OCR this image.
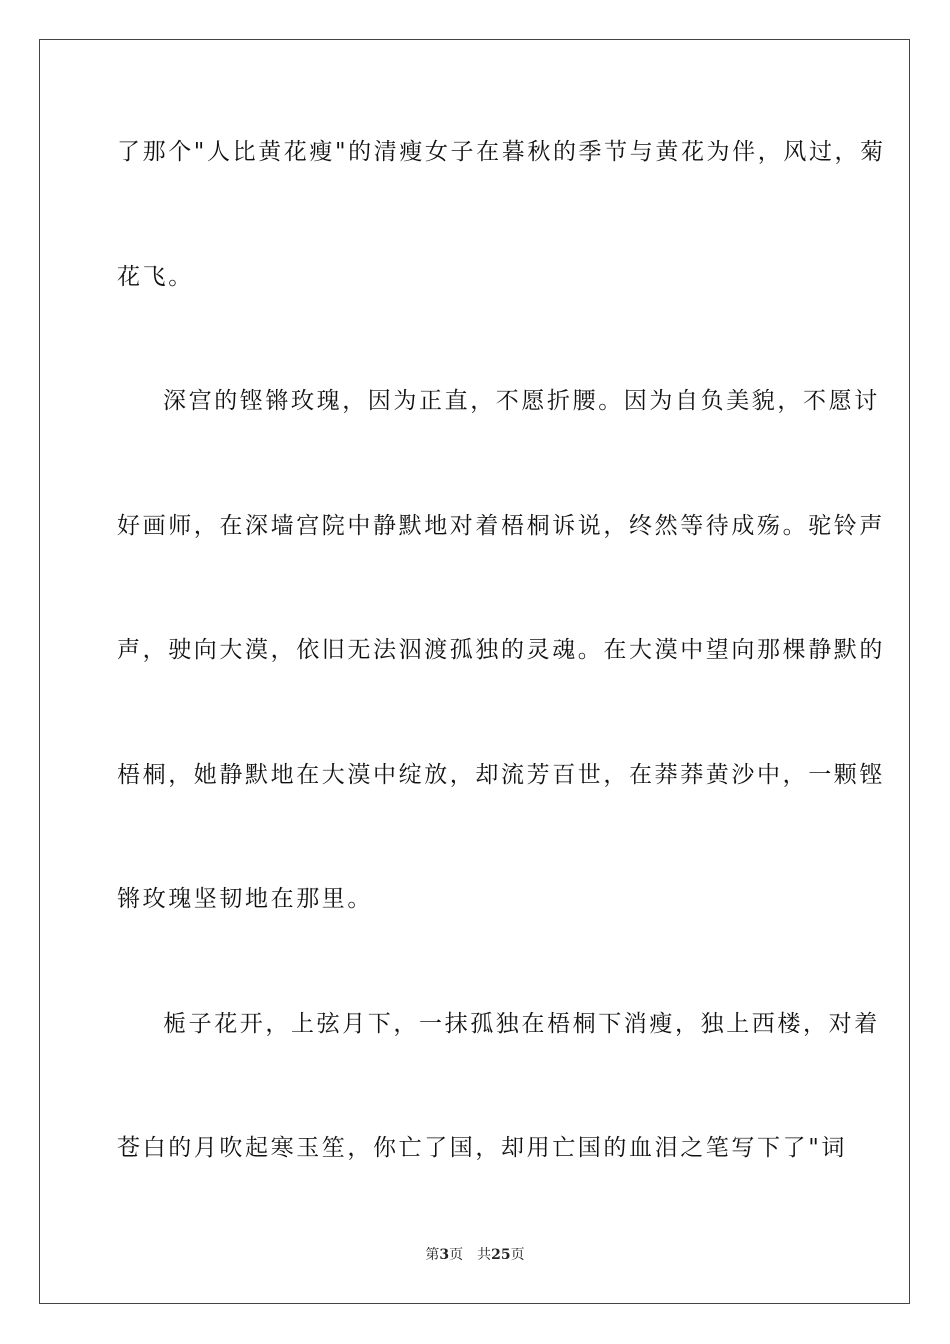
了那个"人比黄花瘦"的清瘦女子在暮秋的季节与黄花为伴，风过，菊
花飞。
深宫的铿锵玫瑰，因为正直，不愿折腰。因为自负美貌，不愿讨
好画师，在深墙宫院中静默地对着梧桐诉说，终然等待成殇。驼铃声
声，驶向大漠，依旧无法泅渡孤独的灵魂。在大漠中望向那棵静默的
梧桐，她静默地在大漠中绽放，却流芳百世，在莽莽黄沙中，一颗铿
锵玫瑰坚韧地在那里。
栀子花开，上弦月下，一抹孤独在梧桐下消瘦，独上西楼，对着
苍白的月吹起寒玉笙，你亡了国，却用亡国的血泪之笔写下了"词
第3页 共25页
